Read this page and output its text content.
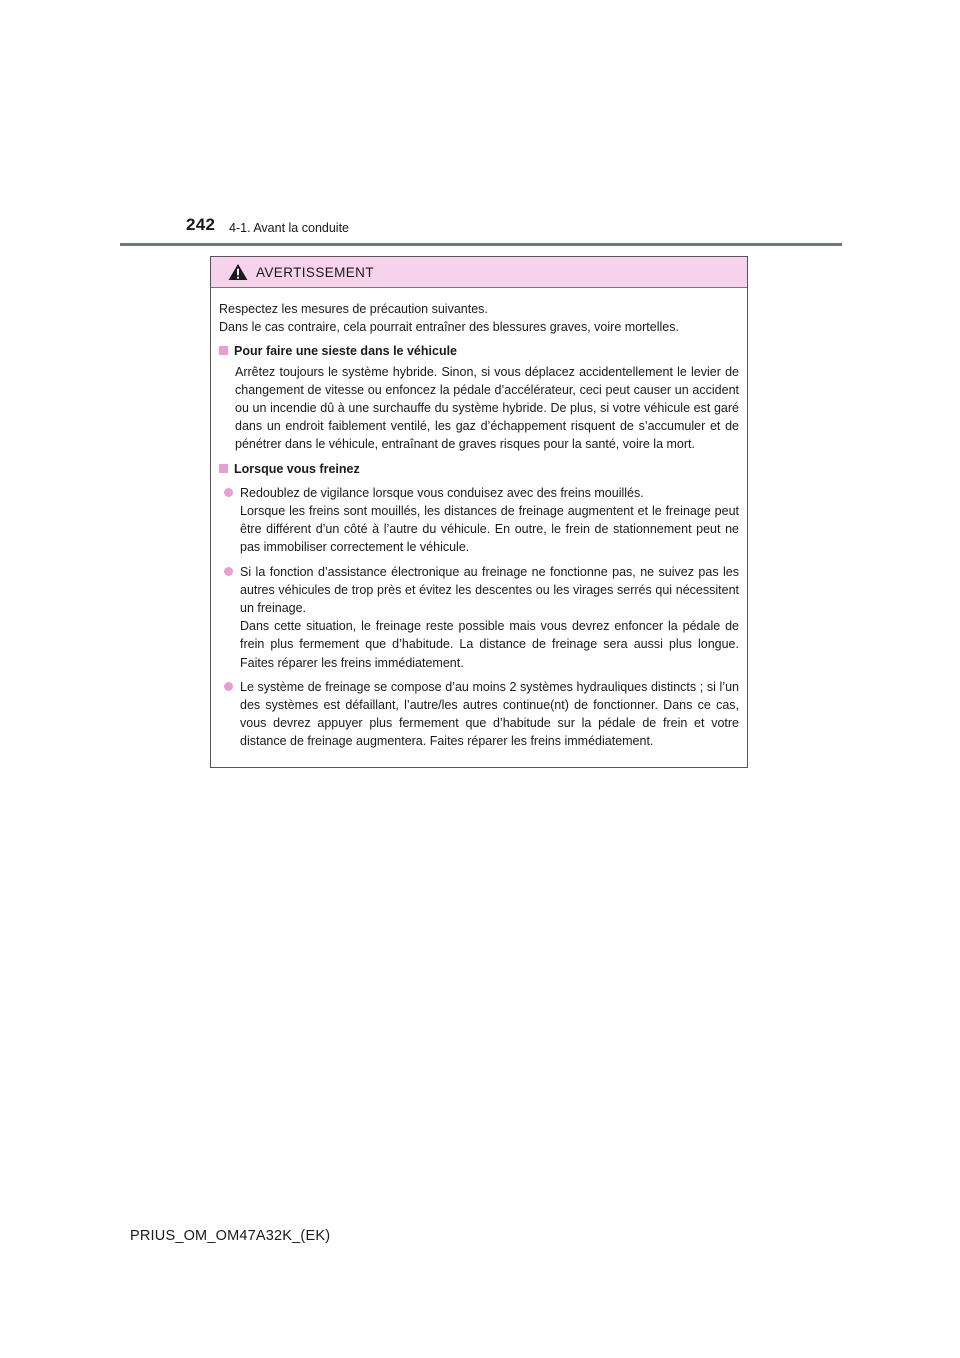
242 4-1. Avant la conduite
AVERTISSEMENT

Respectez les mesures de précaution suivantes.

Dans le cas contraire, cela pourrait entraîner des blessures graves, voire mortelles.

Pour faire une sieste dans le véhicule
Arrêtez toujours le système hybride. Sinon, si vous déplacez accidentellement le levier de changement de vitesse ou enfoncez la pédale d’accélérateur, ceci peut causer un accident ou un incendie dû à une surchauffe du système hybride. De plus, si votre véhicule est garé dans un endroit faiblement ventilé, les gaz d’échappement risquent de s’accumuler et de pénétrer dans le véhicule, entraînant de graves risques pour la santé, voire la mort.
Lorsque vous freinez

Redoublez de vigilance lorsque vous conduisez avec des freins mouillés.

Lorsque les freins sont mouillés, les distances de freinage augmentent et le freinage peut être différent d’un côté à l’autre du véhicule. En outre, le frein de stationnement peut ne pas immobiliser correctement le véhicule.

Si la fonction d’assistance électronique au freinage ne fonctionne pas, ne suivez pas les autres véhicules de trop près et évitez les descentes ou les virages serrés qui nécessitent un freinage.

Dans cette situation, le freinage reste possible mais vous devrez enfoncer la pédale de frein plus fermement que d’habitude. La distance de freinage sera aussi plus longue. Faites réparer les freins immédiatement.

Le système de freinage se compose d’au moins 2 systèmes hydrauliques distincts ; si l’un des systèmes est défaillant, l’autre/les autres continue(nt) de fonctionner. Dans ce cas, vous devrez appuyer plus fermement que d’habitude sur la pédale de frein et votre distance de freinage augmentera. Faites réparer les freins immédiatement.

PRIUS_OM_OM47A32K_(EK)
